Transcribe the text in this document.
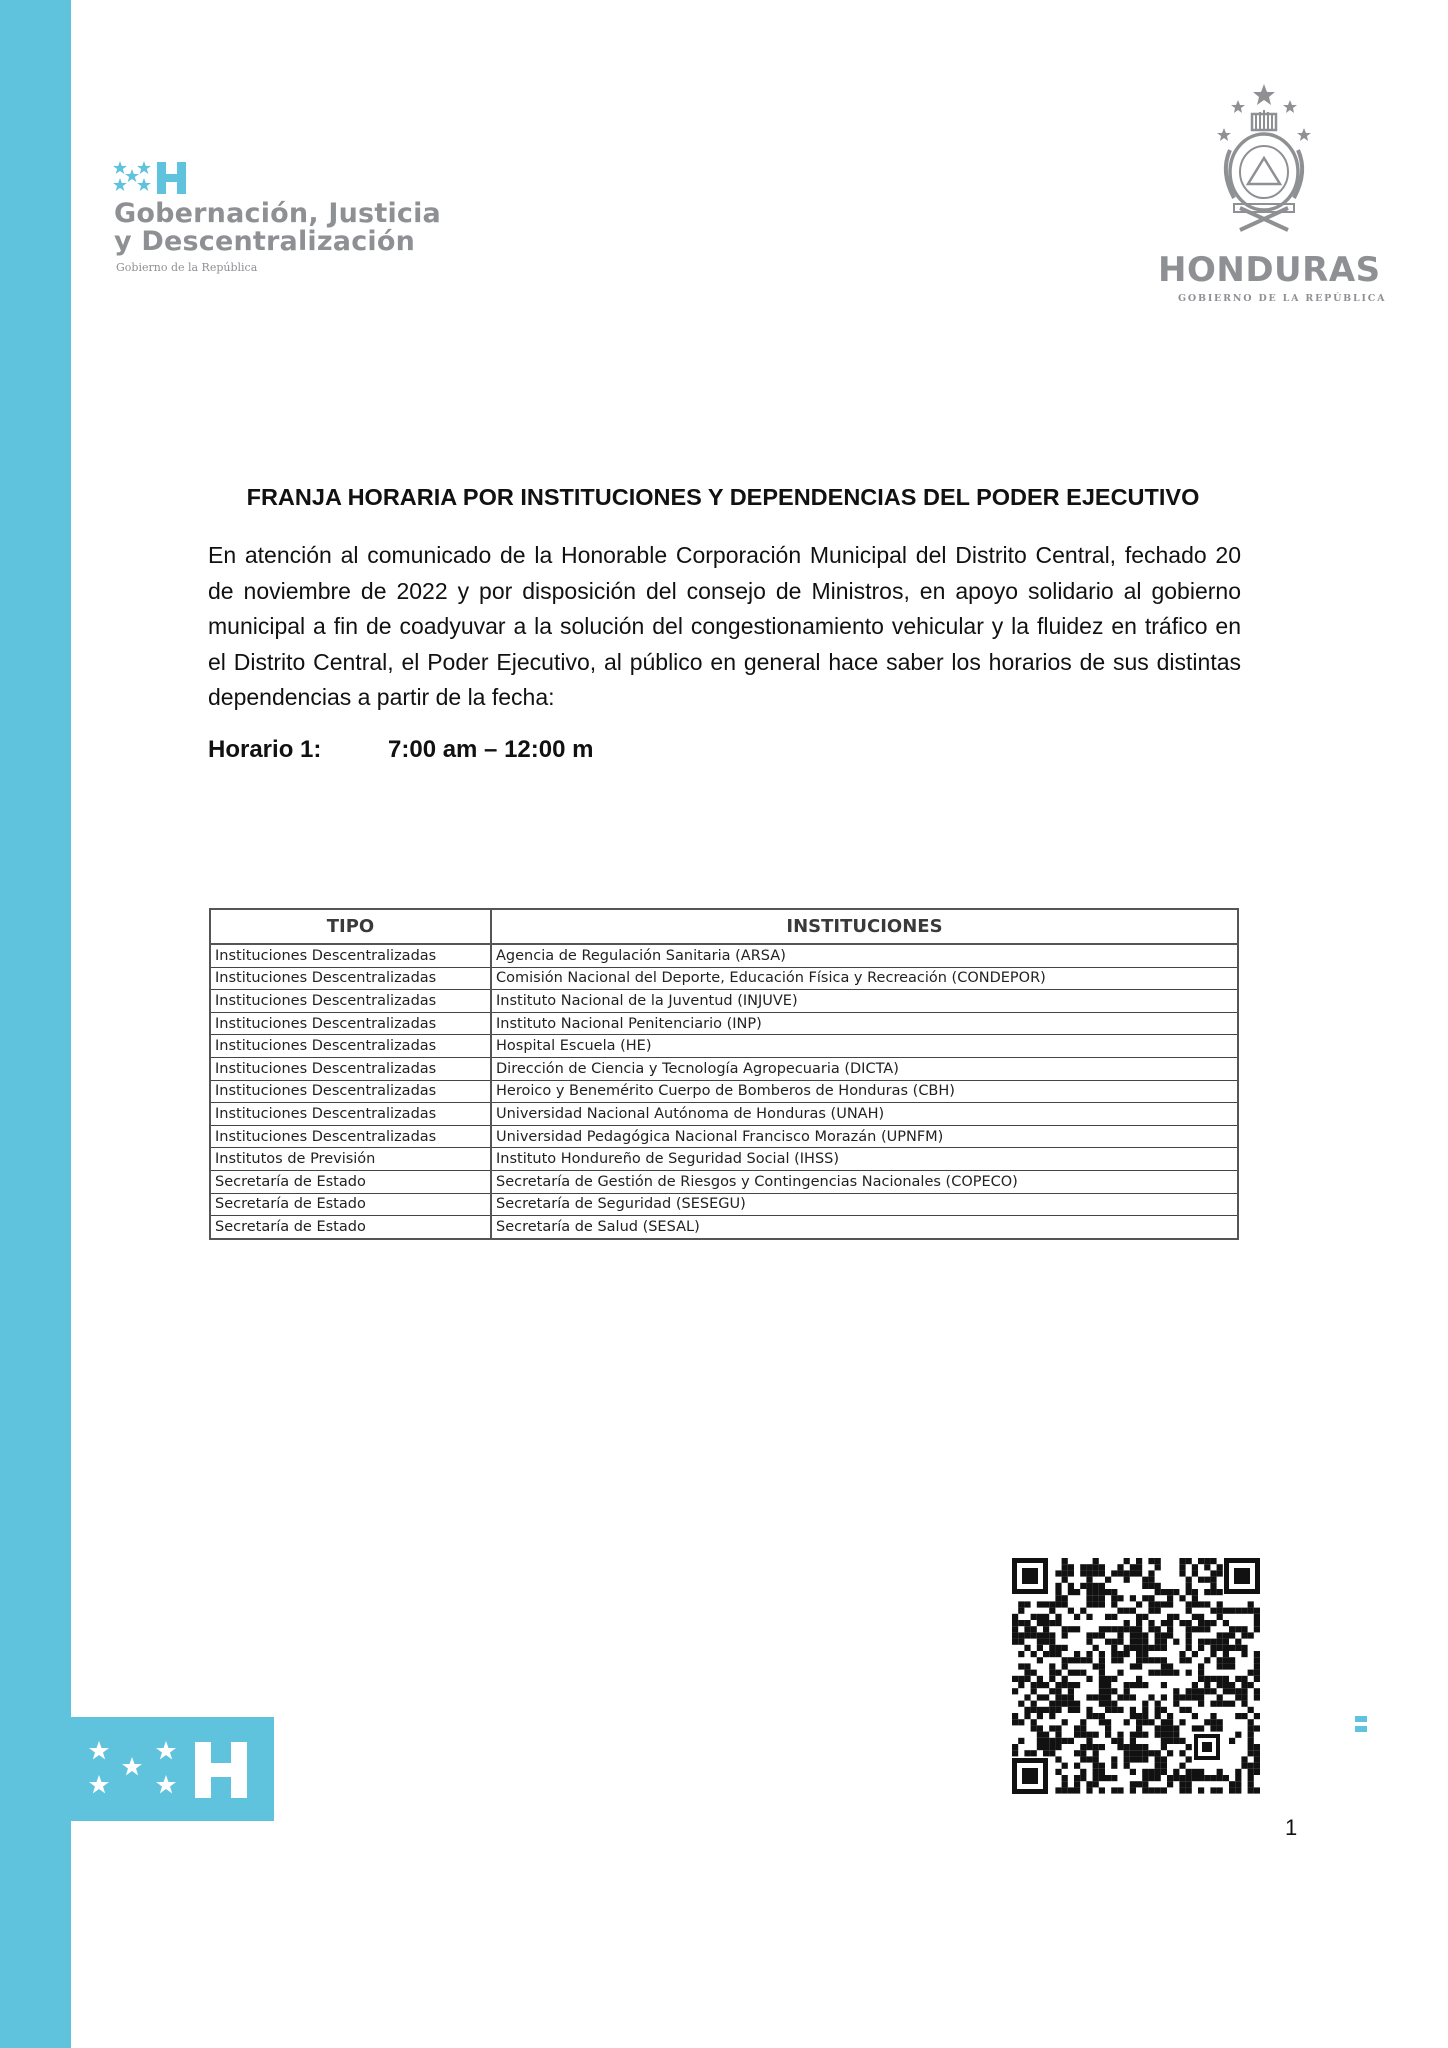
Gobernación, Justicia
y Descentralización
Gobierno de la República	HONDURAS
GOBIERNO DE LA REPÚBLICA
FRANJA HORARIA POR INSTITUCIONES Y DEPENDENCIAS DEL PODER EJECUTIVO
En atención al comunicado de la Honorable Corporación Municipal del Distrito Central, fechado 20 de noviembre de 2022 y por disposición del consejo de Ministros, en apoyo solidario al gobierno municipal a fin de coadyuvar a la solución del congestionamiento vehicular y la fluidez en tráfico en el Distrito Central, el Poder Ejecutivo, al público en general hace saber los horarios de sus distintas dependencias a partir de la fecha:
Horario 1:	7:00 am – 12:00 m
TIPO	INSTITUCIONES
Instituciones Descentralizadas	Agencia de Regulación Sanitaria (ARSA)
Instituciones Descentralizadas	Comisión Nacional del Deporte, Educación Física y Recreación (CONDEPOR)
Instituciones Descentralizadas	Instituto Nacional de la Juventud (INJUVE)
Instituciones Descentralizadas	Instituto Nacional Penitenciario (INP)
Instituciones Descentralizadas	Hospital Escuela (HE)
Instituciones Descentralizadas	Dirección de Ciencia y Tecnología Agropecuaria (DICTA)
Instituciones Descentralizadas	Heroico y Benemérito Cuerpo de Bomberos de Honduras (CBH)
Instituciones Descentralizadas	Universidad Nacional Autónoma de Honduras (UNAH)
Instituciones Descentralizadas	Universidad Pedagógica Nacional Francisco Morazán (UPNFM)
Institutos de Previsión	Instituto Hondureño de Seguridad Social (IHSS)
Secretaría de Estado	Secretaría de Gestión de Riesgos y Contingencias Nacionales (COPECO)
Secretaría de Estado	Secretaría de Seguridad (SESEGU)
Secretaría de Estado	Secretaría de Salud (SESAL)
1
